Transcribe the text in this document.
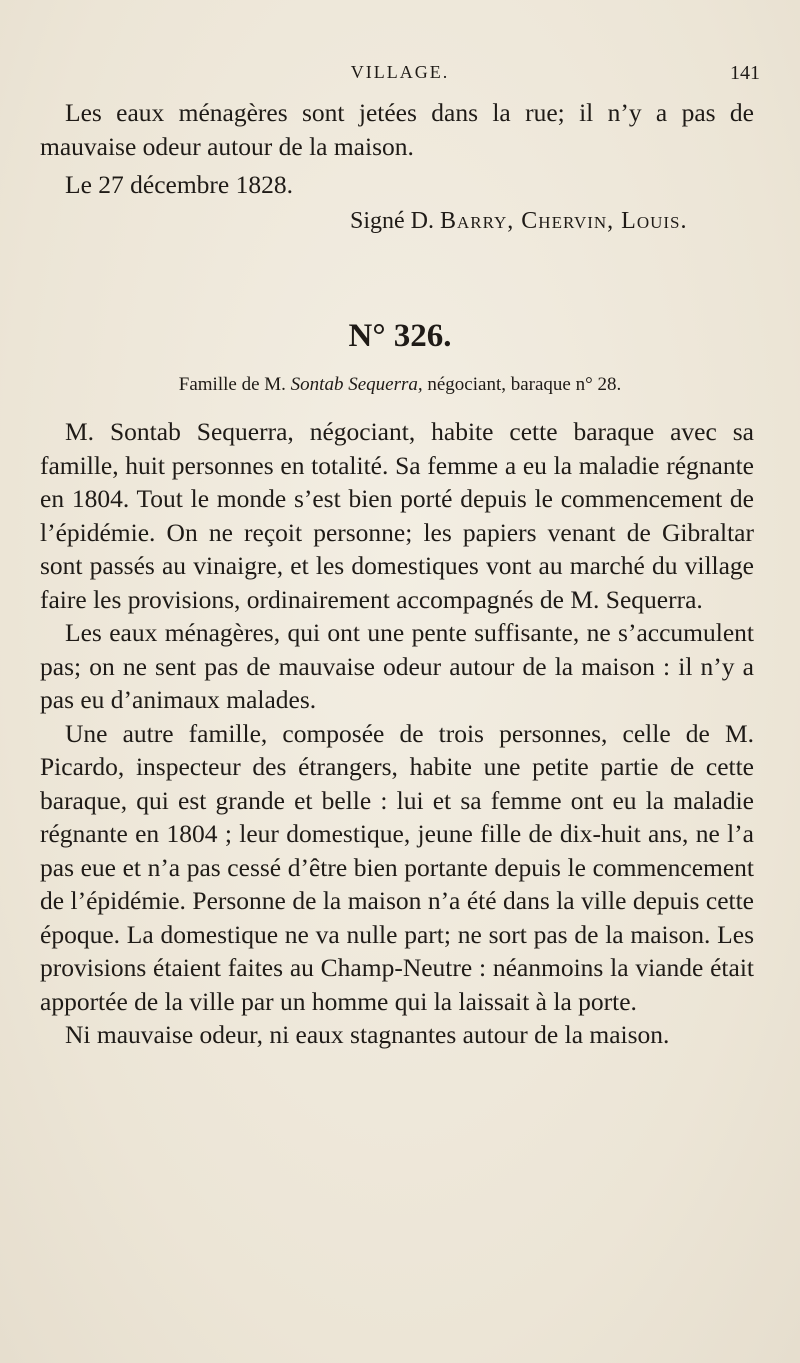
VILLAGE.	141

Les eaux ménagères sont jetées dans la rue; il n’y a pas de mauvaise odeur autour de la maison.

Le 27 décembre 1828.
Signé D. Barry, Chervin, Louis.
N° 326.
Famille de M. Sontab Sequerra, négociant, baraque n° 28.

M. Sontab Sequerra, négociant, habite cette baraque avec sa famille, huit personnes en totalité. Sa femme a eu la maladie régnante en 1804. Tout le monde s’est bien porté depuis le commencement de l’épidémie. On ne reçoit personne; les papiers venant de Gibraltar sont passés au vinaigre, et les domestiques vont au marché du village faire les provisions, ordinairement accompagnés de M. Sequerra.

Les eaux ménagères, qui ont une pente suffisante, ne s’accumulent pas; on ne sent pas de mauvaise odeur autour de la maison : il n’y a pas eu d’animaux malades.

Une autre famille, composée de trois personnes, celle de M. Picardo, inspecteur des étrangers, habite une petite partie de cette baraque, qui est grande et belle : lui et sa femme ont eu la maladie régnante en 1804 ; leur domestique, jeune fille de dix-huit ans, ne l’a pas eue et n’a pas cessé d’être bien portante depuis le commencement de l’épidémie. Personne de la maison n’a été dans la ville depuis cette époque. La domestique ne va nulle part; ne sort pas de la maison. Les provisions étaient faites au Champ-Neutre : néanmoins la viande était apportée de la ville par un homme qui la laissait à la porte.

Ni mauvaise odeur, ni eaux stagnantes autour de la maison.
